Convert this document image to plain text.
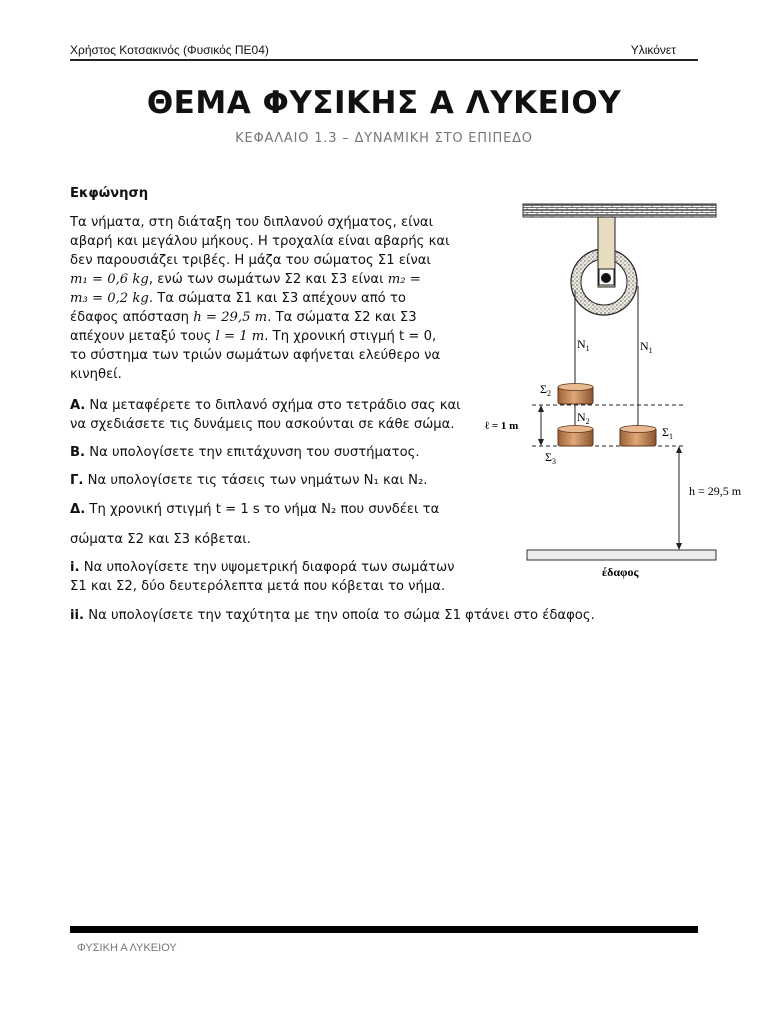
Χρήστος Κοτσακινός (Φυσικός ΠΕ04)	Υλικόνετ
ΘΕΜΑ ΦΥΣΙΚΗΣ Α ΛΥΚΕΙΟΥ
ΚΕΦΑΛΑΙΟ 1.3 – ΔΥΝΑΜΙΚΗ ΣΤΟ ΕΠΙΠΕΔΟ
Εκφώνηση
Τα νήματα, στη διάταξη του διπλανού σχήματος, είναι
αβαρή και μεγάλου μήκους. Η τροχαλία είναι αβαρής και
δεν παρουσιάζει τριβές. Η μάζα του σώματος Σ1 είναι
m₁ = 0,6 kg, ενώ των σωμάτων Σ2 και Σ3 είναι m₂ =
m₃ = 0,2 kg. Τα σώματα Σ1 και Σ3 απέχουν από το
έδαφος απόσταση h = 29,5 m. Τα σώματα Σ2 και Σ3
απέχουν μεταξύ τους l = 1 m. Τη χρονική στιγμή t = 0,
το σύστημα των τριών σωμάτων αφήνεται ελεύθερο να
κινηθεί.
Α. Να μεταφέρετε το διπλανό σχήμα στο τετράδιο σας και
να σχεδιάσετε τις δυνάμεις που ασκούνται σε κάθε σώμα.
Β. Να υπολογίσετε την επιτάχυνση του συστήματος.
Γ. Να υπολογίσετε τις τάσεις των νημάτων Ν₁ και Ν₂.
Δ. Τη χρονική στιγμή t = 1 s το νήμα Ν₂ που συνδέει τα
σώματα Σ2 και Σ3 κόβεται.
i. Να υπολογίσετε την υψομετρική διαφορά των σωμάτων
Σ1 και Σ2, δύο δευτερόλεπτα μετά που κόβεται το νήμα.
ii. Να υπολογίσετε την ταχύτητα με την οποία το σώμα Σ1 φτάνει στο έδαφος.
$N_1$	$N_1$
$N_2$
$\Sigma_2$
$\Sigma_1$
$\Sigma_3$
ℓ = 1 m
h = 29,5 m
έδαφος
ΦΥΣΙΚΗ Α ΛΥΚΕΙΟΥ
